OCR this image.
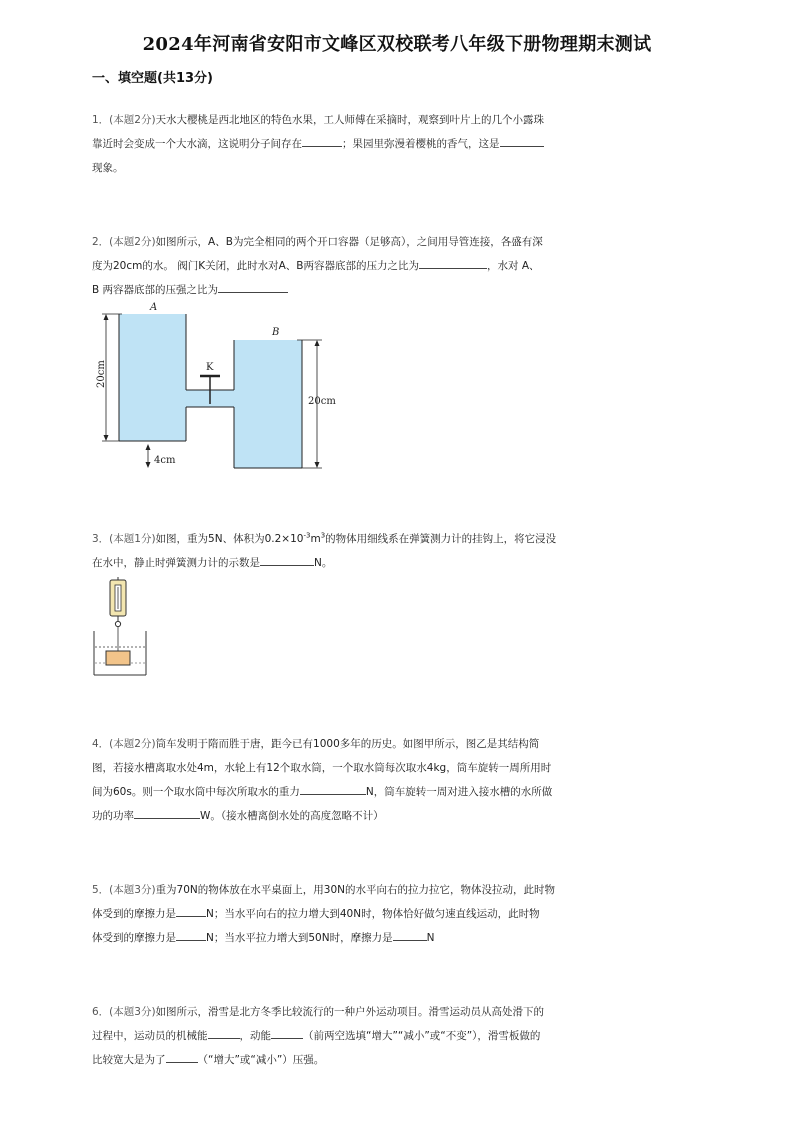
2024年河南省安阳市文峰区双校联考八年级下册物理期末测试
一、填空题(共13分)
1．(本题2分)天水大樱桃是西北地区的特色水果，工人师傅在采摘时，观察到叶片上的几个小露珠
靠近时会变成一个大水滴，这说明分子间存在	；果园里弥漫着樱桃的香气，这是
现象。
2．(本题2分)如图所示，A、B为完全相同的两个开口容器（足够高），之间用导管连接，各盛有深
度为20cm的水。 阀门K关闭，此时水对A、B两容器底部的压力之比为	，水对 A、
B 两容器底部的压强之比为
K
A
B
20cm
20cm
4cm
3．(本题1分)如图，重为5N、体积为$0.2\times 10^{-3}m^3$的物体用细线系在弹簧测力计的挂钩上，将它浸没
在水中，静止时弹簧测力计的示数是	N。
4．(本题2分)筒车发明于隋而胜于唐，距今已有1000多年的历史。如图甲所示，图乙是其结构简
图，若接水槽离取水处4m，水轮上有12个取水筒，一个取水筒每次取水4kg，筒车旋转一周所用时
间为60s。则一个取水筒中每次所取水的重力	N，筒车旋转一周对进入接水槽的水所做
功的功率	W。（接水槽离倒水处的高度忽略不计）
5．(本题3分)重为70N的物体放在水平桌面上，用30N的水平向右的拉力拉它，物体没拉动，此时物
体受到的摩擦力是	N；当水平向右的拉力增大到40N时，物体恰好做匀速直线运动，此时物
体受到的摩擦力是	N；当水平拉力增大到50N时，摩擦力是	N
6．(本题3分)如图所示，滑雪是北方冬季比较流行的一种户外运动项目。滑雪运动员从高处滑下的
过程中，运动员的机械能	，动能	（前两空选填“增大”“减小”或“不变”），滑雪板做的
比较宽大是为了	（“增大”或“减小”）压强。
